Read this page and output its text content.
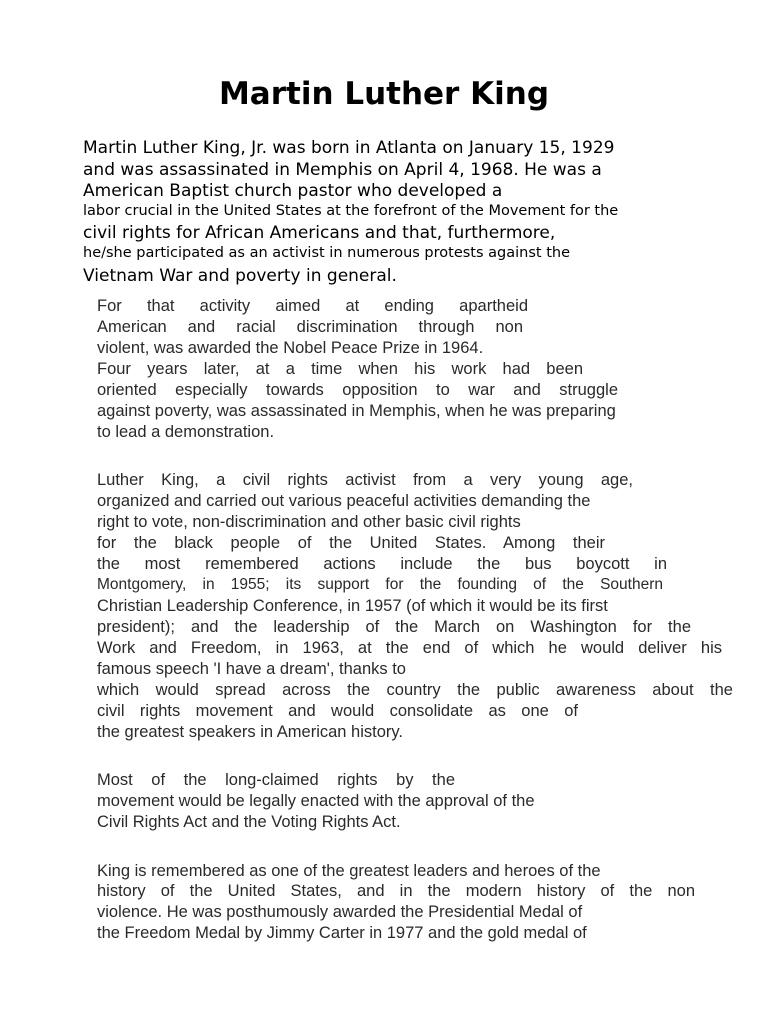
Martin Luther King

Martin Luther King, Jr. was born in Atlanta on January 15, 1929

and was assassinated in Memphis on April 4, 1968. He was a

American Baptist church pastor who developed a

labor crucial in the United States at the forefront of the Movement for the

civil rights for African Americans and that, furthermore,

he/she participated as an activist in numerous protests against the

Vietnam War and poverty in general.

For that activity aimed at ending apartheid

American and racial discrimination through non

violent, was awarded the Nobel Peace Prize in 1964.

Four years later, at a time when his work had been

oriented especially towards opposition to war and struggle

against poverty, was assassinated in Memphis, when he was preparing

to lead a demonstration.

Luther King, a civil rights activist from a very young age,

organized and carried out various peaceful activities demanding the

right to vote, non-discrimination and other basic civil rights

for the black people of the United States. Among their

the most remembered actions include the bus boycott in

Montgomery, in 1955; its support for the founding of the Southern

Christian Leadership Conference, in 1957 (of which it would be its first

president); and the leadership of the March on Washington for the

Work and Freedom, in 1963, at the end of which he would deliver his

famous speech 'I have a dream', thanks to

which would spread across the country the public awareness about the

civil rights movement and would consolidate as one of

the greatest speakers in American history.

Most of the long-claimed rights by the

movement would be legally enacted with the approval of the

Civil Rights Act and the Voting Rights Act.

King is remembered as one of the greatest leaders and heroes of the

history of the United States, and in the modern history of the non

violence. He was posthumously awarded the Presidential Medal of

the Freedom Medal by Jimmy Carter in 1977 and the gold medal of
